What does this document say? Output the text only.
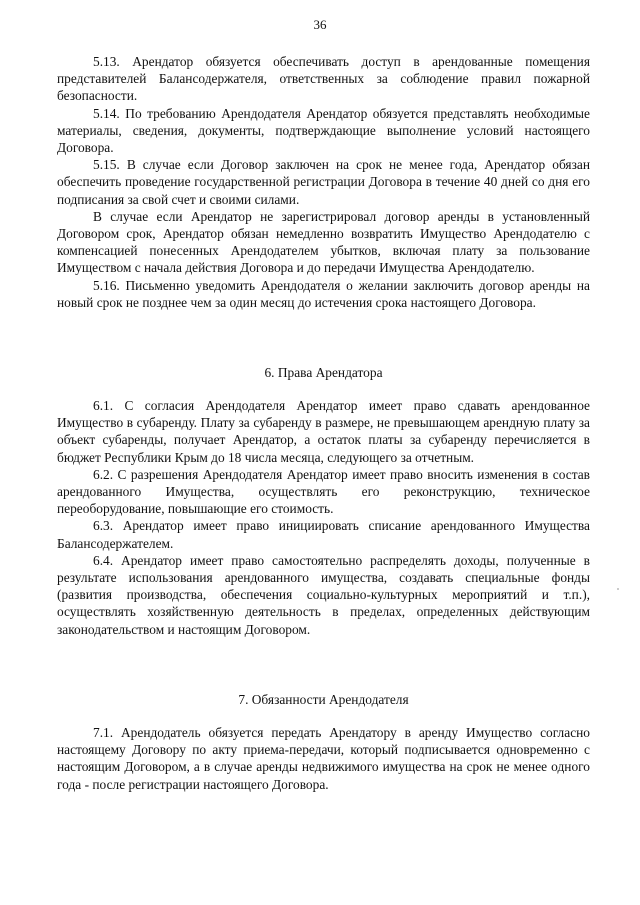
36

5.13. Арендатор обязуется обеспечивать доступ в арендованные помещения представителей Балансодержателя, ответственных за соблюдение правил пожарной безопасности.

5.14. По требованию Арендодателя Арендатор обязуется представлять необходимые материалы, сведения, документы, подтверждающие выполнение условий настоящего Договора.

5.15. В случае если Договор заключен на срок не менее года, Арендатор обязан обеспечить проведение государственной регистрации Договора в течение 40 дней со дня его подписания за свой счет и своими силами.

В случае если Арендатор не зарегистрировал договор аренды в установленный Договором срок, Арендатор обязан немедленно возвратить Имущество Арендодателю с компенсацией понесенных Арендодателем убытков, включая плату за пользование Имуществом с начала действия Договора и до передачи Имущества Арендодателю.

5.16. Письменно уведомить Арендодателя о желании заключить договор аренды на новый срок не позднее чем за один месяц до истечения срока настоящего Договора.

6. Права Арендатора

6.1. С согласия Арендодателя Арендатор имеет право сдавать арендованное Имущество в субаренду. Плату за субаренду в размере, не превышающем арендную плату за объект субаренды, получает Арендатор, а остаток платы за субаренду перечисляется в бюджет Республики Крым до 18 числа месяца, следующего за отчетным.

6.2. С разрешения Арендодателя Арендатор имеет право вносить изменения в состав арендованного Имущества, осуществлять его реконструкцию, техническое переоборудование, повышающие его стоимость.

6.3. Арендатор имеет право инициировать списание арендованного Имущества Балансодержателем.

6.4. Арендатор имеет право самостоятельно распределять доходы, полученные в результате использования арендованного имущества, создавать специальные фонды (развития производства, обеспечения социально-культурных мероприятий и т.п.), осуществлять хозяйственную деятельность в пределах, определенных действующим законодательством и настоящим Договором.

7. Обязанности Арендодателя

7.1. Арендодатель обязуется передать Арендатору в аренду Имущество согласно настоящему Договору по акту приема-передачи, который подписывается одновременно с настоящим Договором, а в случае аренды недвижимого имущества на срок не менее одного года - после регистрации настоящего Договора.
